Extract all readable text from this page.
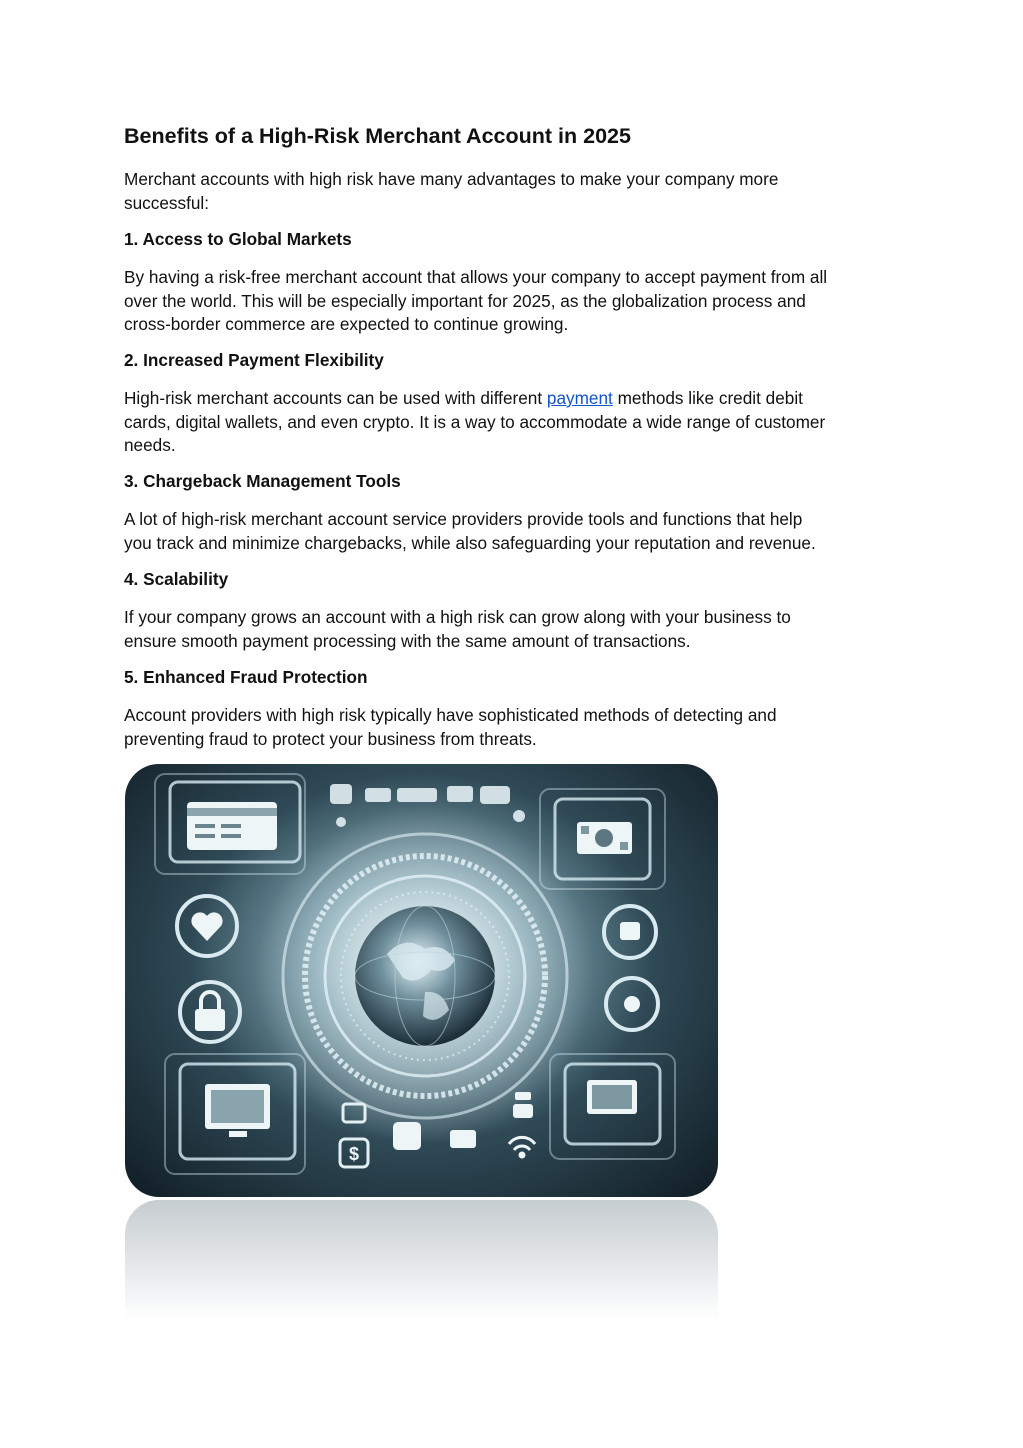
Benefits of a High-Risk Merchant Account in 2025

Merchant accounts with high risk have many advantages to make your company more
successful:

1. Access to Global Markets

By having a risk-free merchant account that allows your company to accept payment from all
over the world. This will be especially important for 2025, as the globalization process and
cross-border commerce are expected to continue growing.

2. Increased Payment Flexibility

High-risk merchant accounts can be used with different payment methods like credit debit
cards, digital wallets, and even crypto. It is a way to accommodate a wide range of customer
needs.

3. Chargeback Management Tools

A lot of high-risk merchant account service providers provide tools and functions that help
you track and minimize chargebacks, while also safeguarding your reputation and revenue.

4. Scalability

If your company grows an account with a high risk can grow along with your business to
ensure smooth payment processing with the same amount of transactions.

5. Enhanced Fraud Protection

Account providers with high risk typically have sophisticated methods of detecting and
preventing fraud to protect your business from threats.

$
